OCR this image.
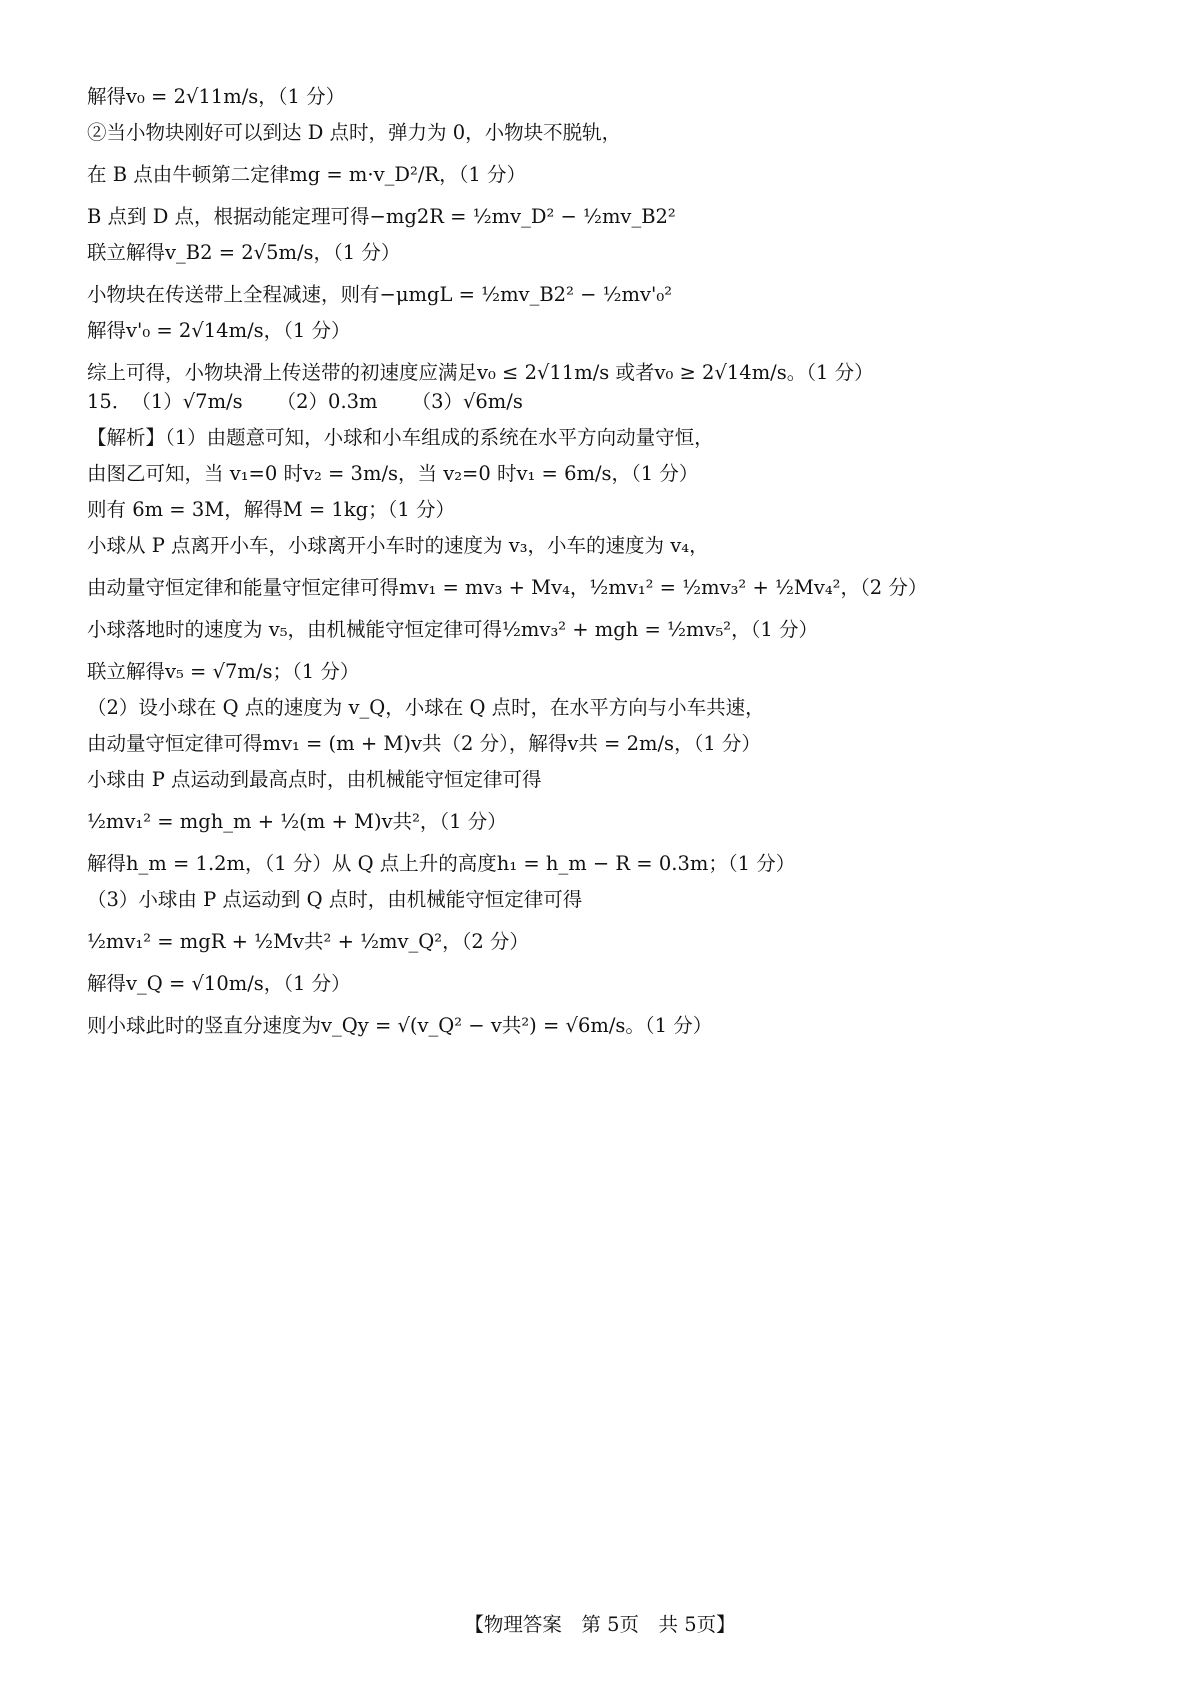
解得v₀ = 2√11m/s，（1 分）
②当小物块刚好可以到达 D 点时，弹力为 0，小物块不脱轨，
在 B 点由牛顿第二定律mg = m·v_D²/R，（1 分）
B 点到 D 点，根据动能定理可得−mg2R = ½mv_D² − ½mv_B2²
联立解得v_B2 = 2√5m/s，（1 分）
小物块在传送带上全程减速，则有−μmgL = ½mv_B2² − ½mv'₀²
解得v'₀ = 2√14m/s，（1 分）
综上可得，小物块滑上传送带的初速度应满足v₀ ≤ 2√11m/s 或者v₀ ≥ 2√14m/s。（1 分）
15． （1）√7m/s （2）0.3m （3）√6m/s
【解析】（1）由题意可知，小球和小车组成的系统在水平方向动量守恒，
由图乙可知，当 v₁=0 时v₂ = 3m/s，当 v₂=0 时v₁ = 6m/s，（1 分）
则有 6m = 3M，解得M = 1kg；（1 分）
小球从 P 点离开小车，小球离开小车时的速度为 v₃，小车的速度为 v₄，
由动量守恒定律和能量守恒定律可得mv₁ = mv₃ + Mv₄，½mv₁² = ½mv₃² + ½Mv₄²，（2 分）
小球落地时的速度为 v₅，由机械能守恒定律可得½mv₃² + mgh = ½mv₅²，（1 分）
联立解得v₅ = √7m/s；（1 分）
（2）设小球在 Q 点的速度为 v_Q，小球在 Q 点时，在水平方向与小车共速，
由动量守恒定律可得mv₁ = (m + M)v共（2 分），解得v共 = 2m/s，（1 分）
小球由 P 点运动到最高点时，由机械能守恒定律可得
½mv₁² = mgh_m + ½(m + M)v共²，（1 分）
解得h_m = 1.2m，（1 分）从 Q 点上升的高度h₁ = h_m − R = 0.3m；（1 分）
（3）小球由 P 点运动到 Q 点时，由机械能守恒定律可得
½mv₁² = mgR + ½Mv共² + ½mv_Q²，（2 分）
解得v_Q = √10m/s，（1 分）
则小球此时的竖直分速度为v_Qy = √(v_Q² − v共²) = √6m/s。（1 分）
【物理答案　第 5页　共 5页】
